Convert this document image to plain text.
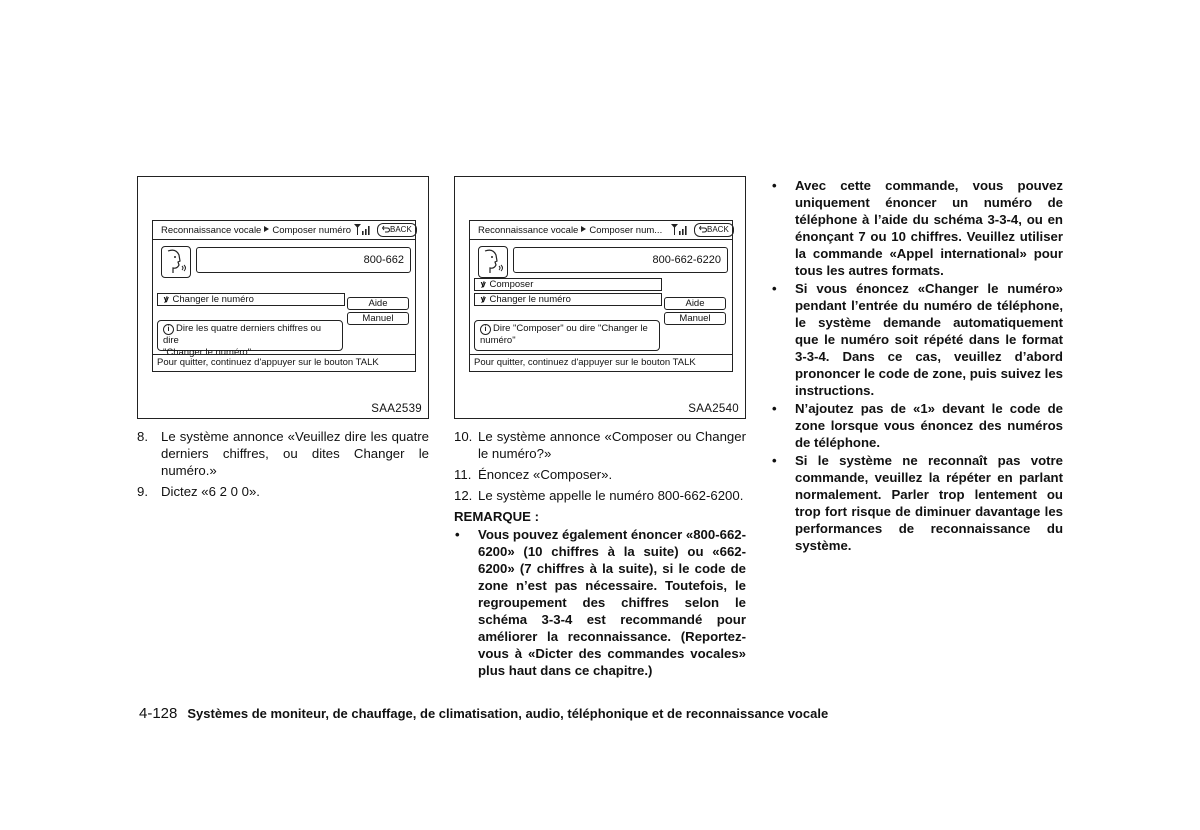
Reconnaissance vocale Composer numéro	BACK
800-662
ꝟ Changer le numéro	Aide
Manuel
i Dire les quatre derniers chiffres ou dire
"Changer le numéro"
Pour quitter, continuez d'appuyer sur le bouton TALK
SAA2539
Reconnaissance vocale Composer num...	BACK
800-662-6220
ꝟ Composer
ꝟ Changer le numéro	Aide
Manuel
i Dire "Composer" ou dire "Changer le
numéro"
Pour quitter, continuez d'appuyer sur le bouton TALK
SAA2540

8. Le système annonce «Veuillez dire les quatre derniers chiffres, ou dites Changer le numéro.»

9. Dictez «6 2 0 0».

10. Le système annonce «Composer ou Changer le numéro?»

11. Énoncez «Composer».

12. Le système appelle le numéro 800-662-6200.

REMARQUE :

• Vous pouvez également énoncer «800-662-6200» (10 chiffres à la suite) ou «662-6200» (7 chiffres à la suite), si le code de zone n’est pas nécessaire. Toutefois, le regroupement des chiffres selon le schéma 3-3-4 est recommandé pour améliorer la reconnaissance. (Reportez-vous à «Dicter des commandes vocales» plus haut dans ce chapitre.)

• Avec cette commande, vous pouvez uniquement énoncer un numéro de téléphone à l’aide du schéma 3-3-4, ou en énonçant 7 ou 10 chiffres. Veuillez utiliser la commande «Appel international» pour tous les autres formats.

• Si vous énoncez «Changer le numéro» pendant l’entrée du numéro de téléphone, le système demande automatiquement que le numéro soit répété dans le format 3-3-4. Dans ce cas, veuillez d’abord prononcer le code de zone, puis suivez les instructions.

• N’ajoutez pas de «1» devant le code de zone lorsque vous énoncez des numéros de téléphone.

• Si le système ne reconnaît pas votre commande, veuillez la répéter en parlant normalement. Parler trop lentement ou trop fort risque de diminuer davantage les performances de reconnaissance du système.

4-128 Systèmes de moniteur, de chauffage, de climatisation, audio, téléphonique et de reconnaissance vocale
